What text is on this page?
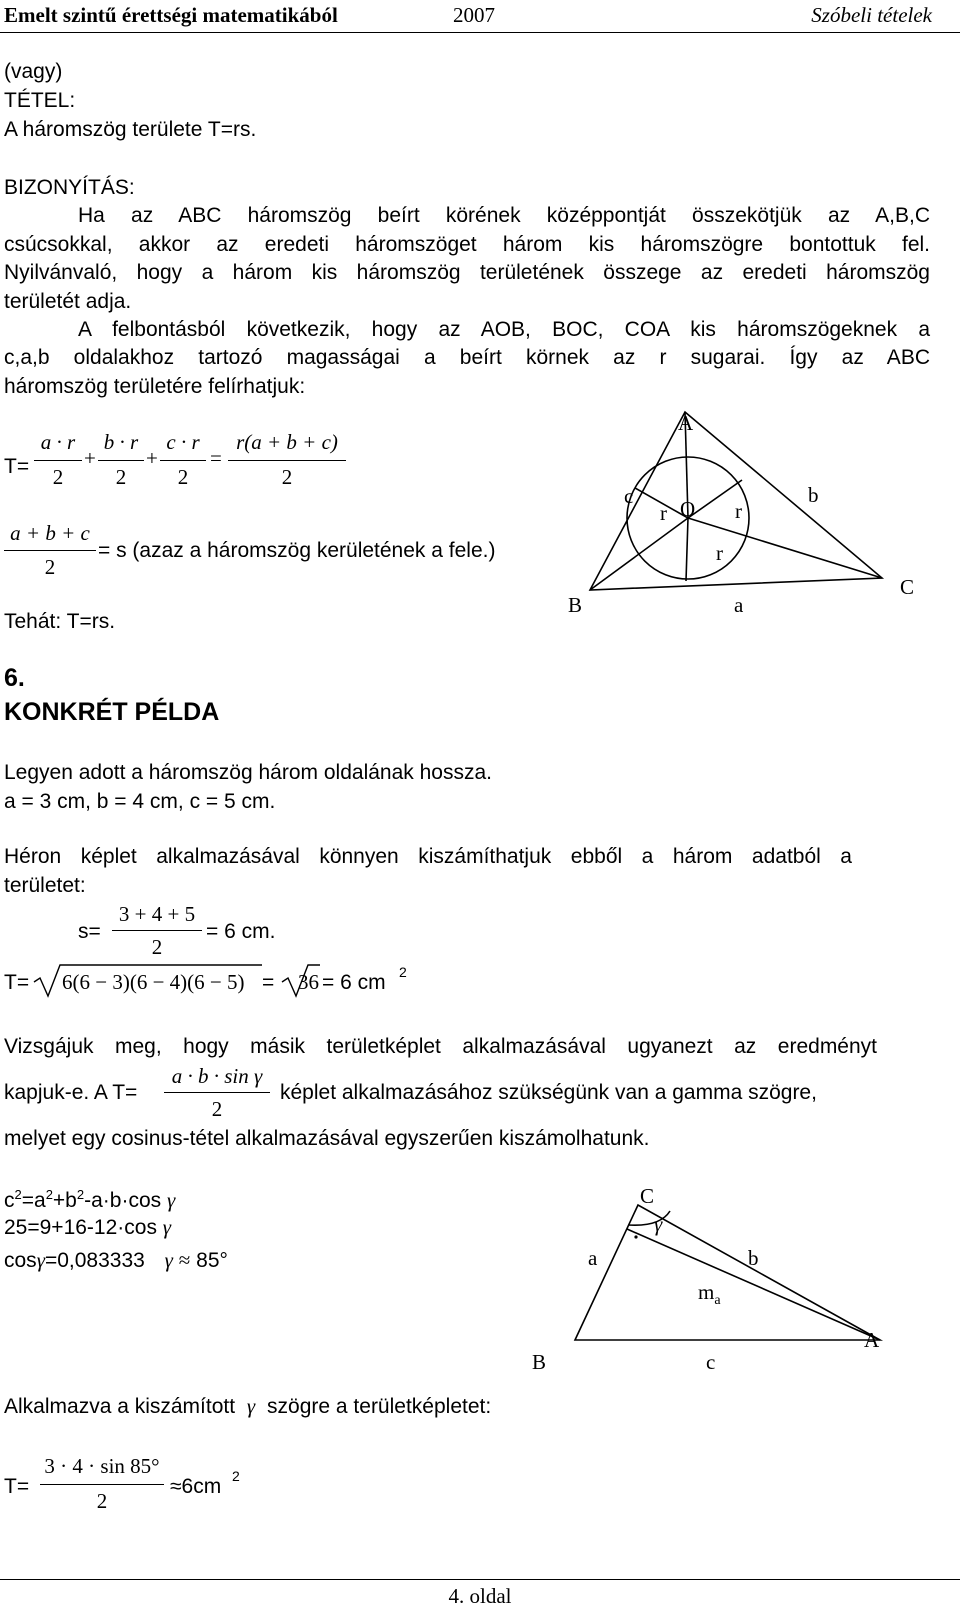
Emelt szintű érettségi matematikából	2007	Szóbeli tételek
(vagy)
TÉTEL:
A háromszög területe T=rs.
BIZONYÍTÁS:
Ha az ABC háromszög beírt körének középpontját összekötjük az A,B,C
csúcsokkal, akkor az eredeti háromszöget három kis háromszögre bontottuk fel.
Nyilvánvaló, hogy a három kis háromszög területének összege az eredeti háromszög
területét adja.
A felbontásból következik, hogy az AOB, BOC, COA kis háromszögeknek a
c,a,b oldalakhoz tartozó magasságai a beírt körnek az r sugarai. Így az ABC
háromszög területére felírhatjuk:
T=
a · r
2
+
b · r
2
+
c · r
2
=
r(a + b + c)
2
a + b + c
2
= s (azaz a háromszög kerületének a fele.)
Tehát: T=rs.
A
B
C
O
c	b
a
r	r
r
6.
KONKRÉT PÉLDA
Legyen adott a háromszög három oldalának hossza.
a = 3 cm, b = 4 cm, c = 5 cm.
Héron képlet alkalmazásával könnyen kiszámíthatjuk ebből a három adatból a
területet:
s=
3 + 4 + 5
2
= 6 cm.
T= 6(6 − 3)(6 − 4)(6 − 5) = 36 = 6 cm 2
Vizsgájuk meg, hogy másik területképlet alkalmazásával ugyanezt az eredményt
kapjuk-e. A T=
a · b · sin γ
2
képlet alkalmazásához szükségünk van a gamma szögre,
melyet egy cosinus-tétel alkalmazásával egyszerűen kiszámolhatunk.
$c^2=a^2+b^2-a\cdot b\cdot\cos$ γ
25=9+16-12·cos γ
cosγ=0,083333 γ ≈ 85°
C
γ
a	b
$m_a$
B	c
A
Alkalmazva a kiszámított γ szögre a területképletet:
T=
3 · 4 · sin 85°
2
≈6cm 2
4. oldal
